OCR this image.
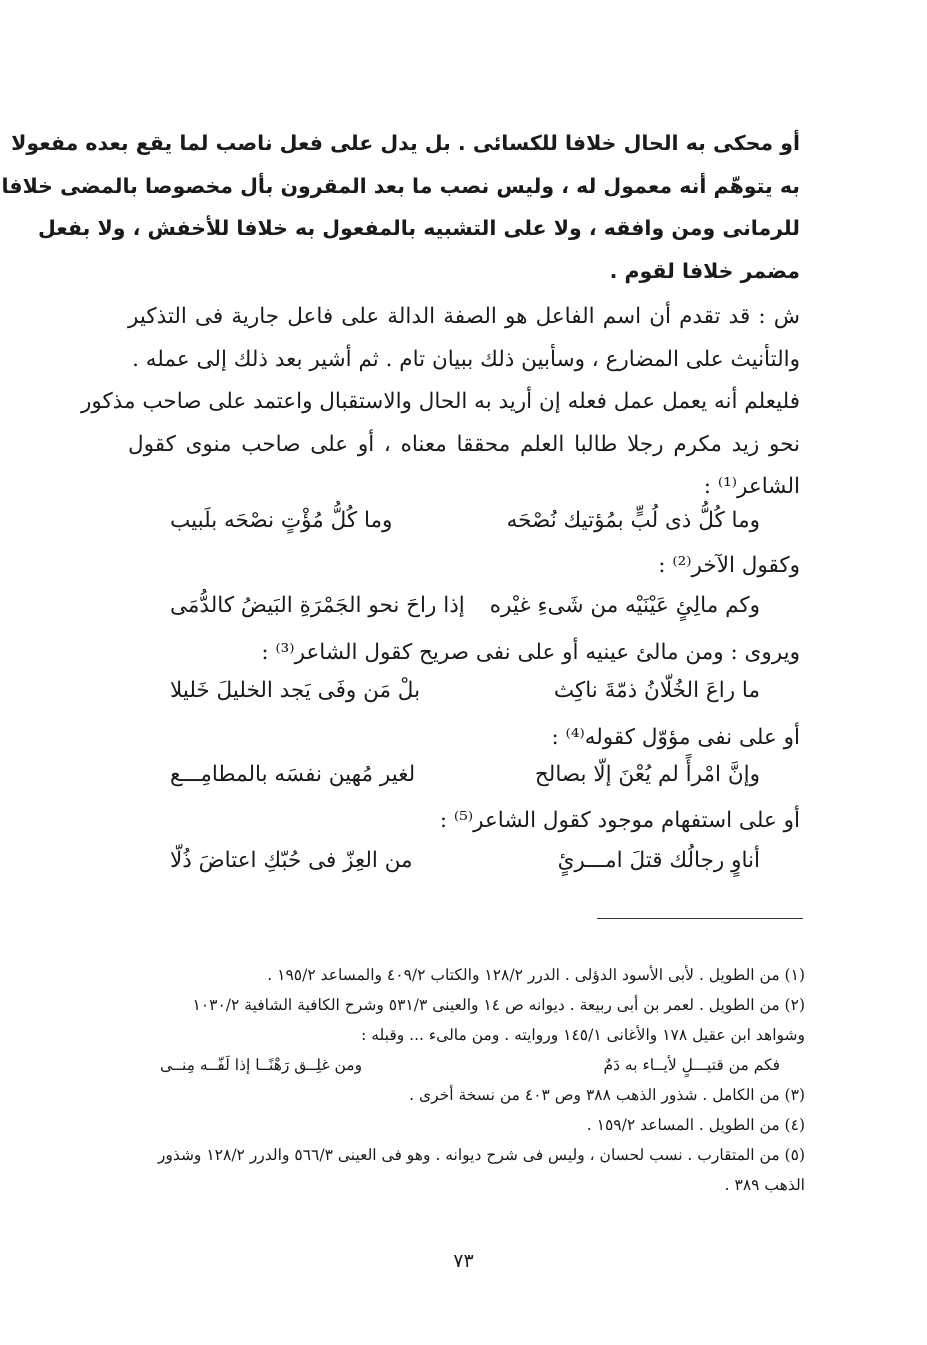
أو محكى به الحال خلافا للكسائى . بل يدل على فعل ناصب لما يقع بعده مفعولا
به يتوهّم أنه معمول له ، وليس نصب ما بعد المقرون بأل مخصوصا بالمضى خلافا
للرمانى ومن وافقه ، ولا على التشبيه بالمفعول به خلافا للأخفش ، ولا بفعل
مضمر خلافا لقوم .
ش : قد تقدم أن اسم الفاعل هو الصفة الدالة على فاعل جارية فى التذكير
والتأنيث على المضارع ، وسأبين ذلك ببيان تام . ثم أشير بعد ذلك إلى عمله .
فليعلم أنه يعمل عمل فعله إن أريد به الحال والاستقبال واعتمد على صاحب مذكور
نحو زيد مكرم رجلا طالبا العلم محققا معناه ، أو على صاحب منوى كقول
الشاعر⁽¹⁾ :
وما كُلُّ ذى لُبٍّ بمُؤتيك نُصْحَه
وما كُلُّ مُؤْتٍ نصْحَه بلَبيب
وكقول الآخر⁽²⁾ :
وكم مالِئٍ عَيْنَيْه من شَىءِ غيْره
إذا راحَ نحو الجَمْرَةِ البَيضُ كالدُّمَى
ويروى : ومن مالئ عينيه أو على نفى صريح كقول الشاعر⁽³⁾ :
ما راعَ الخُلّانُ ذمّةَ ناكِث
بلْ مَن وفَى يَجد الخليلَ خَليلا
أو على نفى مؤوّل كقوله⁽⁴⁾ :
وإنَّ امْرأً لم يُعْنَ إلّا بصالح
لغير مُهين نفسَه بالمطامِـــع
أو على استفهام موجود كقول الشاعر⁽⁵⁾ :
أناوٍ رجالُك قتلَ امـــرئٍ
من العِزّ فى حُبّكِ اعتاضَ ذُلّا
(١) من الطويل . لأبى الأسود الدؤلى . الدرر ١٢٨/٢ والكتاب ٤٠٩/٢ والمساعد ١٩٥/٢ .
(٢) من الطويل . لعمر بن أبى ربيعة . ديوانه ص ١٤ والعينى ٥٣١/٣ وشرح الكافية الشافية ١٠٣٠/٢
وشواهد ابن عقيل ١٧٨ والأغانى ١٤٥/١ وروايته . ومن مالىء ... وقبله :
فكم من قتيـــلٍ لأيــاء به دَمٌ
ومن غلِــق رَهْنًــا إذا لَفّــه مِنــى
(٣) من الكامل . شذور الذهب ٣٨٨ وص ٤٠٣ من نسخة أخرى .
(٤) من الطويل . المساعد ١٥٩/٢ .
(٥) من المتقارب . نسب لحسان ، وليس فى شرح ديوانه . وهو فى العينى ٥٦٦/٣ والدرر ١٢٨/٢ وشذور
الذهب ٣٨٩ .
٧٣
